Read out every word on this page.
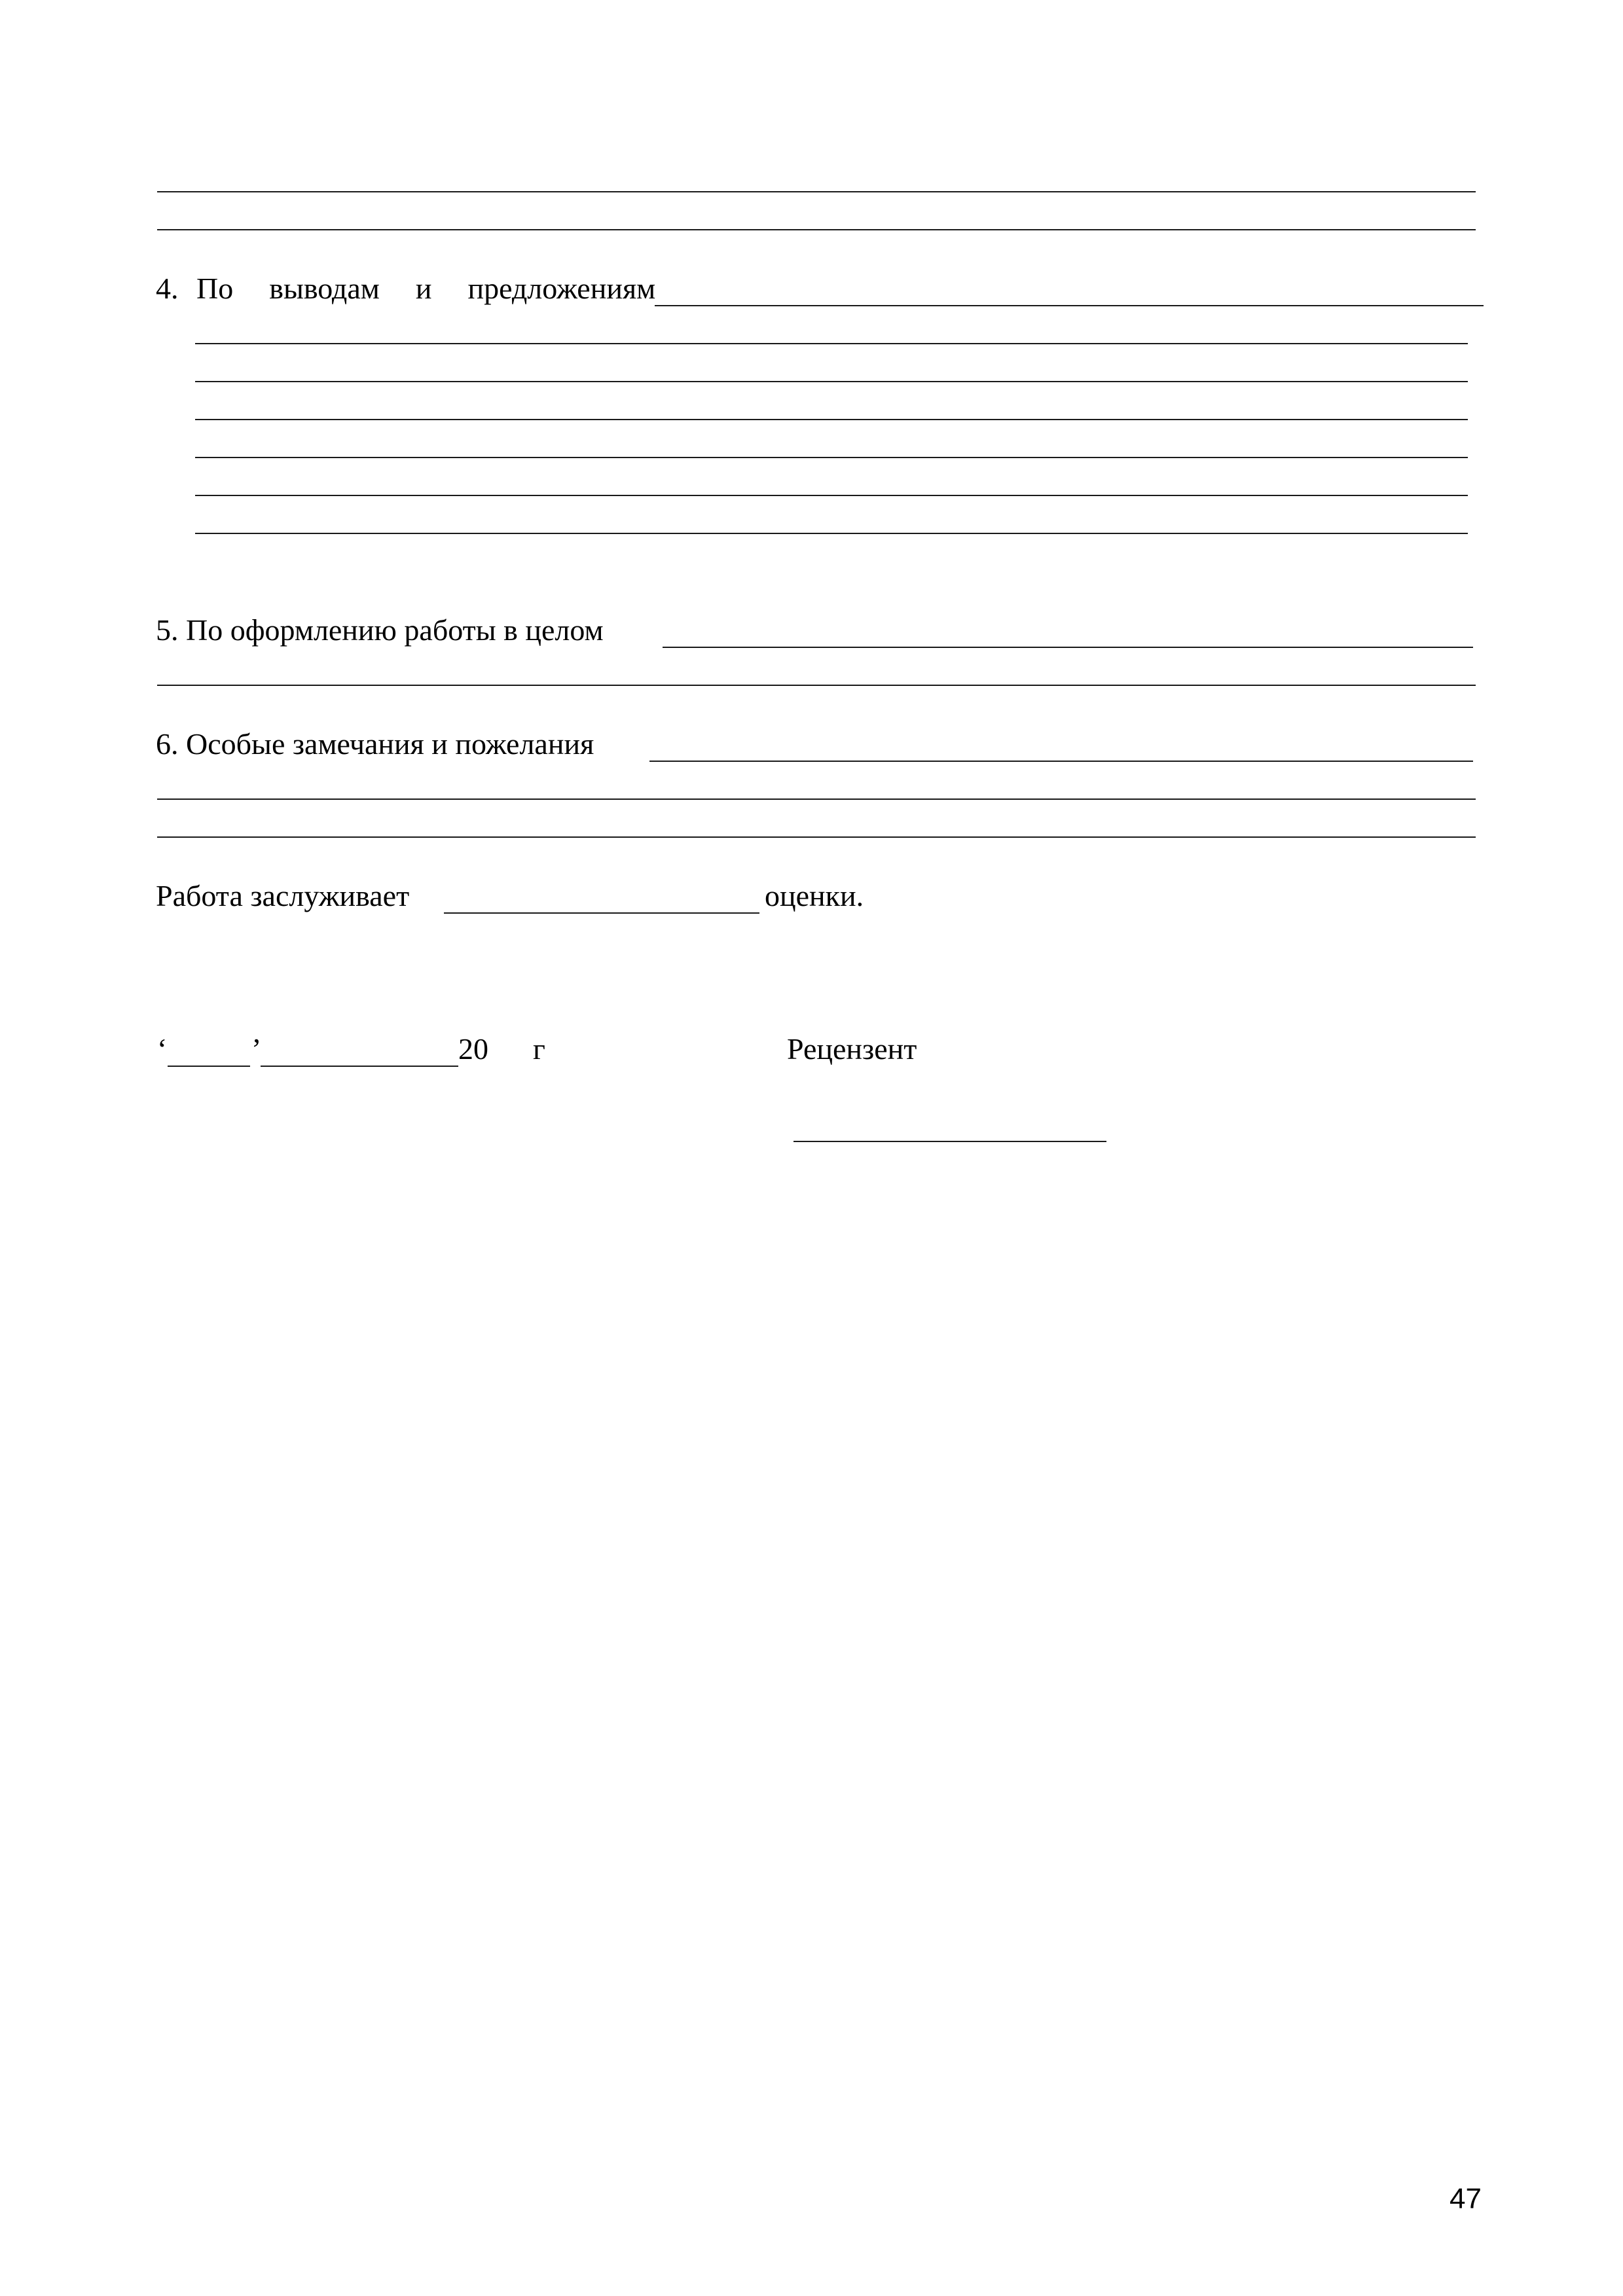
4. По  выводам  и  предложениям
5. По оформлению работы в целом
6. Особые замечания и пожелания
Работа заслуживает	оценки.
‘	’	20 г	Рецензент
47
